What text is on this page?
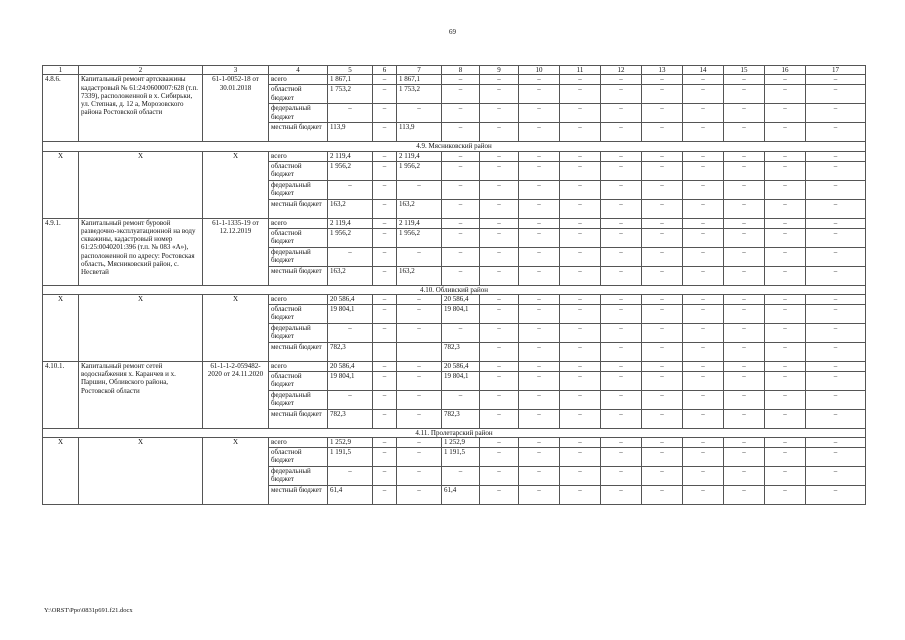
69
1	2	3	4	5	6	7	8	9	10	11	12	13	14	15	16	17
4.8.6.	Капитальный ремонт артскважины кадастровый № 61:24:0600007:628 (т.п. 7339), расположенной в х. Сибирьки, ул. Степная, д. 12 а, Морозовского района Ростовской области	61-1-0052-18 от 30.01.2018	всего	1 867,1	–	1 867,1	–	–	–	–	–	–	–	–	–	–
			областной бюджет	1 753,2	–	1 753,2	–	–	–	–	–	–	–	–	–	–
			федеральный бюджет	–	–	–	–	–	–	–	–	–	–	–	–	–
			местный бюджет	113,9	–	113,9	–	–	–	–	–	–	–	–	–	–
4.9. Мясниковский район																
Х	Х	Х	всего	2 119,4	–	2 119,4	–	–	–	–	–	–	–	–	–	–
			областной бюджет	1 956,2	–	1 956,2	–	–	–	–	–	–	–	–	–	–
			федеральный бюджет	–	–	–	–	–	–	–	–	–	–	–	–	–
			местный бюджет	163,2	–	163,2	–	–	–	–	–	–	–	–	–	–
4.9.1.	Капитальный ремонт буровой разведочно-эксплуатационной на воду скважины, кадастровый номер 61:25:0040201:396 (т.п. № 083 «А»), расположенной по адресу: Ростовская область, Мясниковский район, с. Несветай	61-1-1335-19 от 12.12.2019	всего	2 119,4	–	2 119,4	–	–	–	–	–	–	–	–	–	–
			областной бюджет	1 956,2	–	1 956,2	–	–	–	–	–	–	–	–	–	–
			федеральный бюджет	–	–	–	–	–	–	–	–	–	–	–	–	–
			местный бюджет	163,2	–	163,2	–	–	–	–	–	–	–	–	–	–
4.10. Обливский район																
Х	Х	Х	всего	20 586,4	–	–	20 586,4	–	–	–	–	–	–	–	–	–
			областной бюджет	19 804,1	–	–	19 804,1	–	–	–	–	–	–	–	–	–
			федеральный бюджет	–	–	–	–	–	–	–	–	–	–	–	–	–
			местный бюджет	782,3			782,3	–	–	–	–	–	–	–	–	–
4.10.1.	Капитальный ремонт сетей водоснабжения х. Каранчев и х. Паршин, Обливского района, Ростовской области	61-1-1-2-059482-2020 от 24.11.2020	всего	20 586,4	–	–	20 586,4	–	–	–	–	–	–	–	–	–
			областной бюджет	19 804,1	–	–	19 804,1	–	–	–	–	–	–	–	–	–
			федеральный бюджет	–	–	–	–	–	–	–	–	–	–	–	–	–
			местный бюджет	782,3	–	–	782,3	–	–	–	–	–	–	–	–	–
4.11. Пролетарский район																
Х	Х	Х	всего	1 252,9	–	–	1 252,9	–	–	–	–	–	–	–	–	–
			областной бюджет	1 191,5	–	–	1 191,5	–	–	–	–	–	–	–	–	–
			федеральный бюджет	–	–	–	–	–	–	–	–	–	–	–	–	–
			местный бюджет	61,4	–	–	61,4	–	–	–	–	–	–	–	–	–
Y:\ORST\Ppo\0831p691.f21.docx
